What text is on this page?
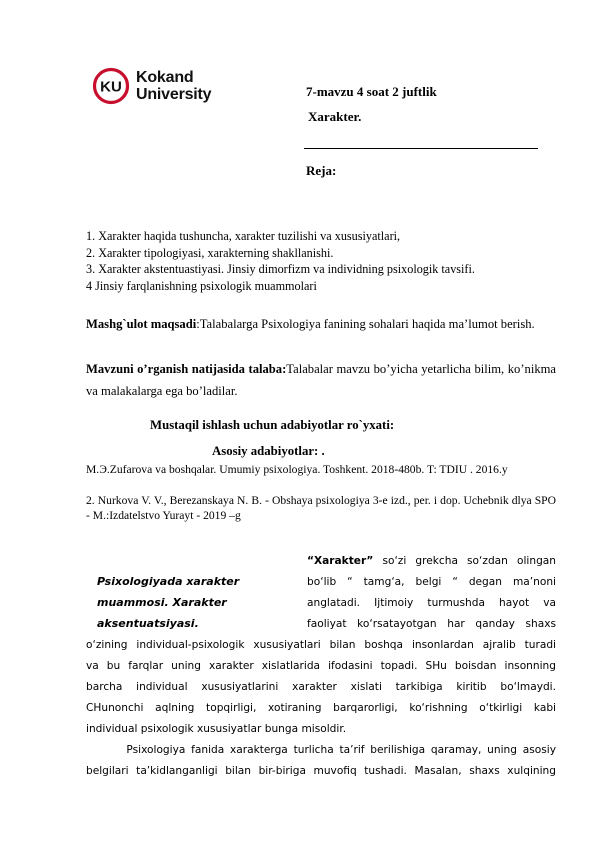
KU
Kokand
University	7-mavzu 4 soat 2 juftlik
Xarakter.
Reja:
1. Xarakter haqida tushuncha, xarakter tuzilishi va xususiyatlari,
2. Xarakter tipologiyasi, xarakterning shakllanishi.
3. Xarakter akstentuastiyasi. Jinsiy dimorfizm va individning psixologik tavsifi.
4 Jinsiy farqlanishning psixologik muammolari
Mashg`ulot maqsadi:Talabalarga Psixologiya fanining sohalari haqida ma’lumot berish.
Mavzuni o’rganish natijasida talaba:Talabalar mavzu bo’yicha yetarlicha bilim, ko’nikma va malakalarga ega bo’ladilar.
Mustaqil ishlash uchun adabiyotlar ro`yxati:
Asosiy adabiyotlar: .
M.Э.Zufarova va boshqalar. Umumiy psixologiya. Toshkent. 2018-480b. T: TDIU . 2016.y
2. Nurkova V. V., Berezanskaya N. B. - Obshaya psixologiya 3-e izd., per. i dop. Uchebnik dlya SPO - M.:Izdatelstvo Yurayt - 2019 –g
Psixologiyada xarakter
muammosi. Xarakter
aksentuatsiyasi.
“Xarakter” so‘zi grekcha so‘zdan olingan
bo‘lib “ tamg‘a, belgi “ degan ma’noni
anglatadi. Ijtimoiy turmushda hayot va
faoliyat ko‘rsatayotgan har qanday shaxs
o‘zining individual-psixologik xususiyatlari bilan boshqa insonlardan ajralib turadi
va bu farqlar uning xarakter xislatlarida ifodasini topadi. SHu boisdan insonning
barcha individual xususiyatlarini xarakter xislati tarkibiga kiritib bo‘lmaydi.
CHunonchi aqlning topqirligi, xotiraning barqarorligi, ko‘rishning o‘tkirligi kabi
individual psixologik xususiyatlar bunga misoldir.
Psixologiya fanida xarakterga turlicha ta’rif berilishiga qaramay, uning asosiy
belgilari ta’kidlanganligi bilan bir-biriga muvofiq tushadi. Masalan, shaxs xulqining
